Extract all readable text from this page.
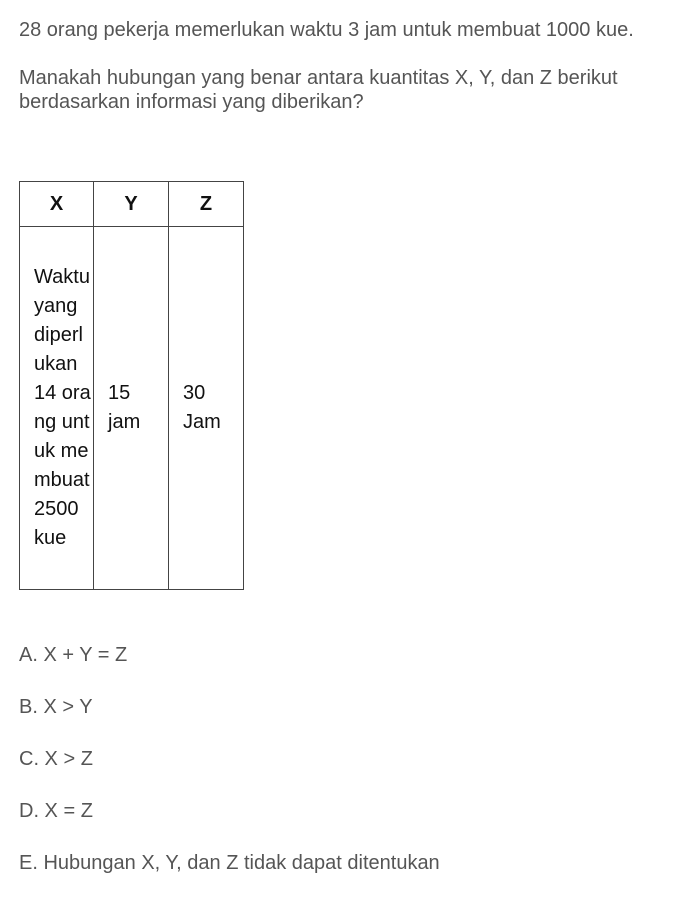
28 orang pekerja memerlukan waktu 3 jam untuk membuat 1000 kue.

Manakah hubungan yang benar antara kuantitas X, Y, dan Z berikut berdasarkan informasi yang diberikan?

X	Y	Z

Waktu yang diperlukan 14 orang untuk membuat 2500 kue	15 jam	30 Jam
A. X + Y = Z
B. X > Y
C. X > Z
D. X = Z
E. Hubungan X, Y, dan Z tidak dapat ditentukan
